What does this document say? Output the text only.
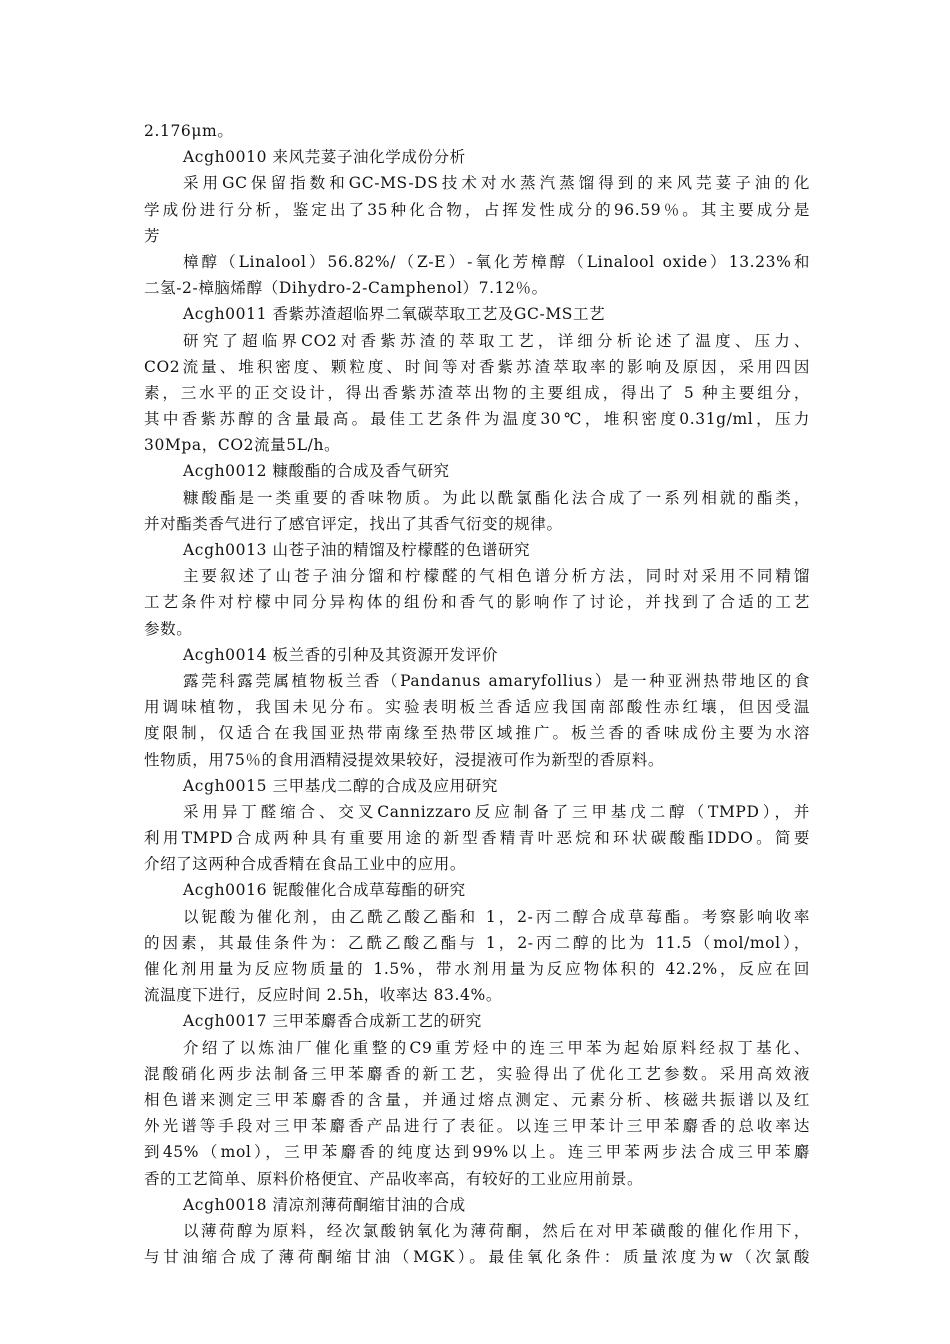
2.176μm。
Acgh0010 来风芫荽子油化学成份分析
采用GC保留指数和GC-MS-DS技术对水蒸汽蒸馏得到的来风芫荽子油的化
学成份进行分析，鉴定出了35种化合物，占挥发性成分的96.59％。其主要成分是
芳
樟醇（Linalool）56.82%/（Z-E）-氧化芳樟醇（Linalool oxide）13.23%和
二氢-2-樟脑烯醇（Dihydro-2-Camphenol）7.12％。
Acgh0011 香紫苏渣超临界二氧碳萃取工艺及GC-MS工艺
研究了超临界CO2对香紫苏渣的萃取工艺，详细分析论述了温度、压力、
CO2流量、堆积密度、颗粒度、时间等对香紫苏渣萃取率的影响及原因，采用四因
素，三水平的正交设计，得出香紫苏渣萃出物的主要组成，得出了 5 种主要组分，
其中香紫苏醇的含量最高。最佳工艺条件为温度30℃，堆积密度0.31g/ml，压力
30Mpa，CO2流量5L/h。
Acgh0012 糠酸酯的合成及香气研究
糠酸酯是一类重要的香味物质。为此以酰氯酯化法合成了一系列相就的酯类，
并对酯类香气进行了感官评定，找出了其香气衍变的规律。
Acgh0013 山苍子油的精馏及柠檬醛的色谱研究
主要叙述了山苍子油分馏和柠檬醛的气相色谱分析方法，同时对采用不同精馏
工艺条件对柠檬中同分异构体的组份和香气的影响作了讨论，并找到了合适的工艺
参数。
Acgh0014 板兰香的引种及其资源开发评价
露莞科露莞属植物板兰香（Pandanus amaryfollius）是一种亚洲热带地区的食
用调味植物，我国未见分布。实验表明板兰香适应我国南部酸性赤红壤，但因受温
度限制，仅适合在我国亚热带南缘至热带区域推广。板兰香的香味成份主要为水溶
性物质，用75％的食用酒精浸提效果较好，浸提液可作为新型的香原料。
Acgh0015 三甲基戊二醇的合成及应用研究
采用异丁醛缩合、交叉Cannizzaro反应制备了三甲基戊二醇（TMPD），并
利用TMPD合成两种具有重要用途的新型香精青叶恶烷和环状碳酸酯IDDO。简要
介绍了这两种合成香精在食品工业中的应用。
Acgh0016 铌酸催化合成草莓酯的研究
以铌酸为催化剂，由乙酰乙酸乙酯和 1，2-丙二醇合成草莓酯。考察影响收率
的因素，其最佳条件为：乙酰乙酸乙酯与 1，2-丙二醇的比为 11.5（mol/mol），
催化剂用量为反应物质量的 1.5%，带水剂用量为反应物体积的 42.2%，反应在回
流温度下进行，反应时间 2.5h，收率达 83.4%。
Acgh0017 三甲苯麝香合成新工艺的研究
介绍了以炼油厂催化重整的C9重芳烃中的连三甲苯为起始原料经叔丁基化、
混酸硝化两步法制备三甲苯麝香的新工艺，实验得出了优化工艺参数。采用高效液
相色谱来测定三甲苯麝香的含量，并通过熔点测定、元素分析、核磁共振谱以及红
外光谱等手段对三甲苯麝香产品进行了表征。以连三甲苯计三甲苯麝香的总收率达
到45%（mol），三甲苯麝香的纯度达到99%以上。连三甲苯两步法合成三甲苯麝
香的工艺简单、原料价格便宜、产品收率高，有较好的工业应用前景。
Acgh0018 清凉剂薄荷酮缩甘油的合成
以薄荷醇为原料，经次氯酸钠氧化为薄荷酮，然后在对甲苯磺酸的催化作用下，
与甘油缩合成了薄荷酮缩甘油（MGK）。最佳氧化条件：质量浓度为w（次氯酸
